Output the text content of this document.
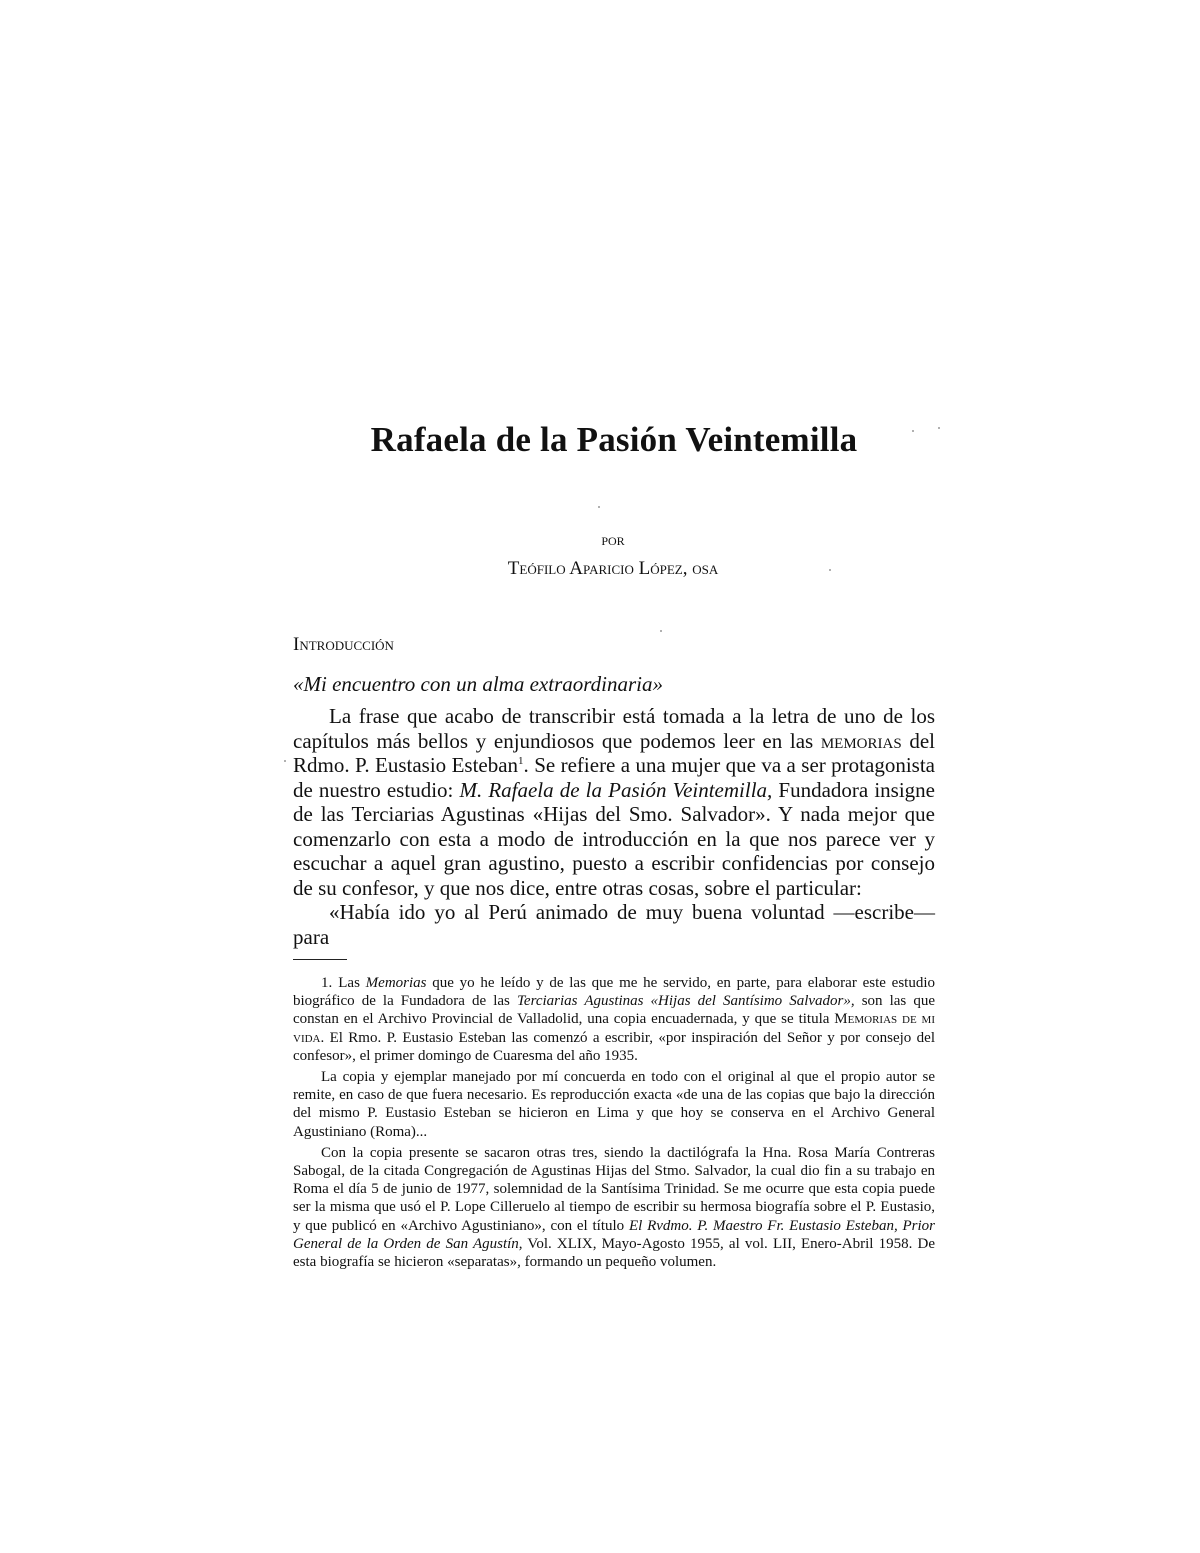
Rafaela de la Pasión Veintemilla
por
Teófilo Aparicio López, osa
Introducción
«Mi encuentro con un alma extraordinaria»

La frase que acabo de transcribir está tomada a la letra de uno de los capítulos más bellos y enjundiosos que podemos leer en las memorias del Rdmo. P. Eustasio Esteban$^1$. Se refiere a una mujer que va a ser protagonista de nuestro estudio: M. Rafaela de la Pasión Veintemilla, Fundadora insigne de las Terciarias Agustinas «Hijas del Smo. Salvador». Y nada mejor que comenzarlo con esta a modo de introducción en la que nos parece ver y escuchar a aquel gran agustino, puesto a escribir confidencias por consejo de su confesor, y que nos dice, entre otras cosas, sobre el particular:

«Había ido yo al Perú animado de muy buena voluntad —escribe— para

1. Las Memorias que yo he leído y de las que me he servido, en parte, para elaborar este estudio biográfico de la Fundadora de las Terciarias Agustinas «Hijas del Santísimo Salvador», son las que constan en el Archivo Provincial de Valladolid, una copia encuadernada, y que se titula Memorias de mi vida. El Rmo. P. Eustasio Esteban las comenzó a escribir, «por inspiración del Señor y por consejo del confesor», el primer domingo de Cuaresma del año 1935.

La copia y ejemplar manejado por mí concuerda en todo con el original al que el propio autor se remite, en caso de que fuera necesario. Es reproducción exacta «de una de las copias que bajo la dirección del mismo P. Eustasio Esteban se hicieron en Lima y que hoy se conserva en el Archivo General Agustiniano (Roma)...

Con la copia presente se sacaron otras tres, siendo la dactilógrafa la Hna. Rosa María Contreras Sabogal, de la citada Congregación de Agustinas Hijas del Stmo. Salvador, la cual dio fin a su trabajo en Roma el día 5 de junio de 1977, solemnidad de la Santísima Trinidad. Se me ocurre que esta copia puede ser la misma que usó el P. Lope Cilleruelo al tiempo de escribir su hermosa biografía sobre el P. Eustasio, y que publicó en «Archivo Agustiniano», con el título El Rvdmo. P. Maestro Fr. Eustasio Esteban, Prior General de la Orden de San Agustín, Vol. XLIX, Mayo-Agosto 1955, al vol. LII, Enero-Abril 1958. De esta biografía se hicieron «separatas», formando un pequeño volumen.
